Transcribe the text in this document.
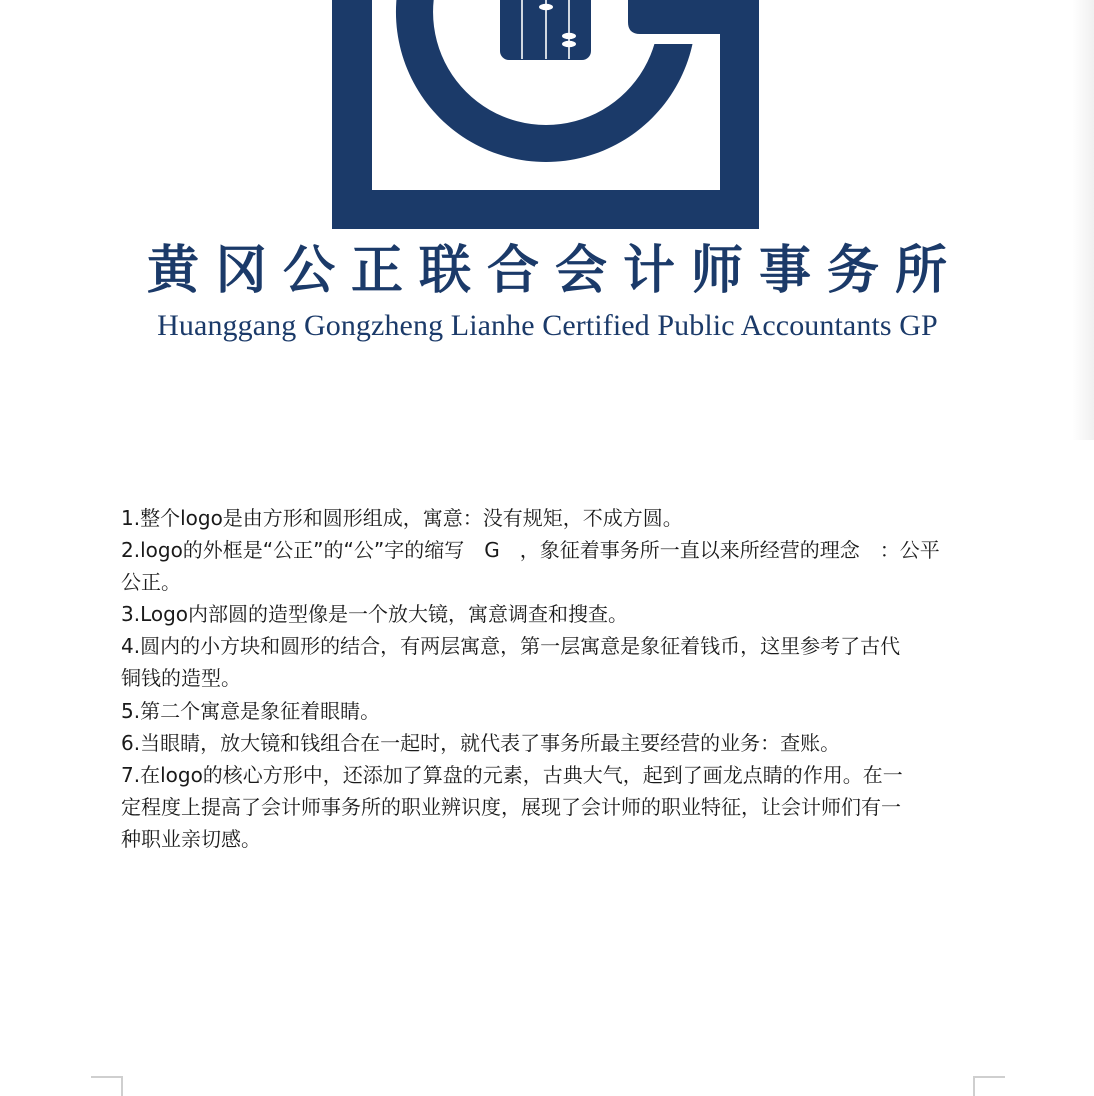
黄 冈 公 正 联 合 会 计 师 事 务 所
Huanggang Gongzheng Lianhe Certified Public Accountants GP

1.整个logo是由方形和圆形组成，寓意：没有规矩，不成方圆。

2.logo的外框是“公正”的“公”字的缩写　G　，象征着事务所一直以来所经营的理念　：公平

公正。

3.Logo内部圆的造型像是一个放大镜，寓意调查和搜查。

4.圆内的小方块和圆形的结合，有两层寓意，第一层寓意是象征着钱币，这里参考了古代

铜钱的造型。

5.第二个寓意是象征着眼睛。

6.当眼睛，放大镜和钱组合在一起时，就代表了事务所最主要经营的业务：查账。

7.在logo的核心方形中，还添加了算盘的元素，古典大气，起到了画龙点睛的作用。在一

定程度上提高了会计师事务所的职业辨识度，展现了会计师的职业特征，让会计师们有一

种职业亲切感。
